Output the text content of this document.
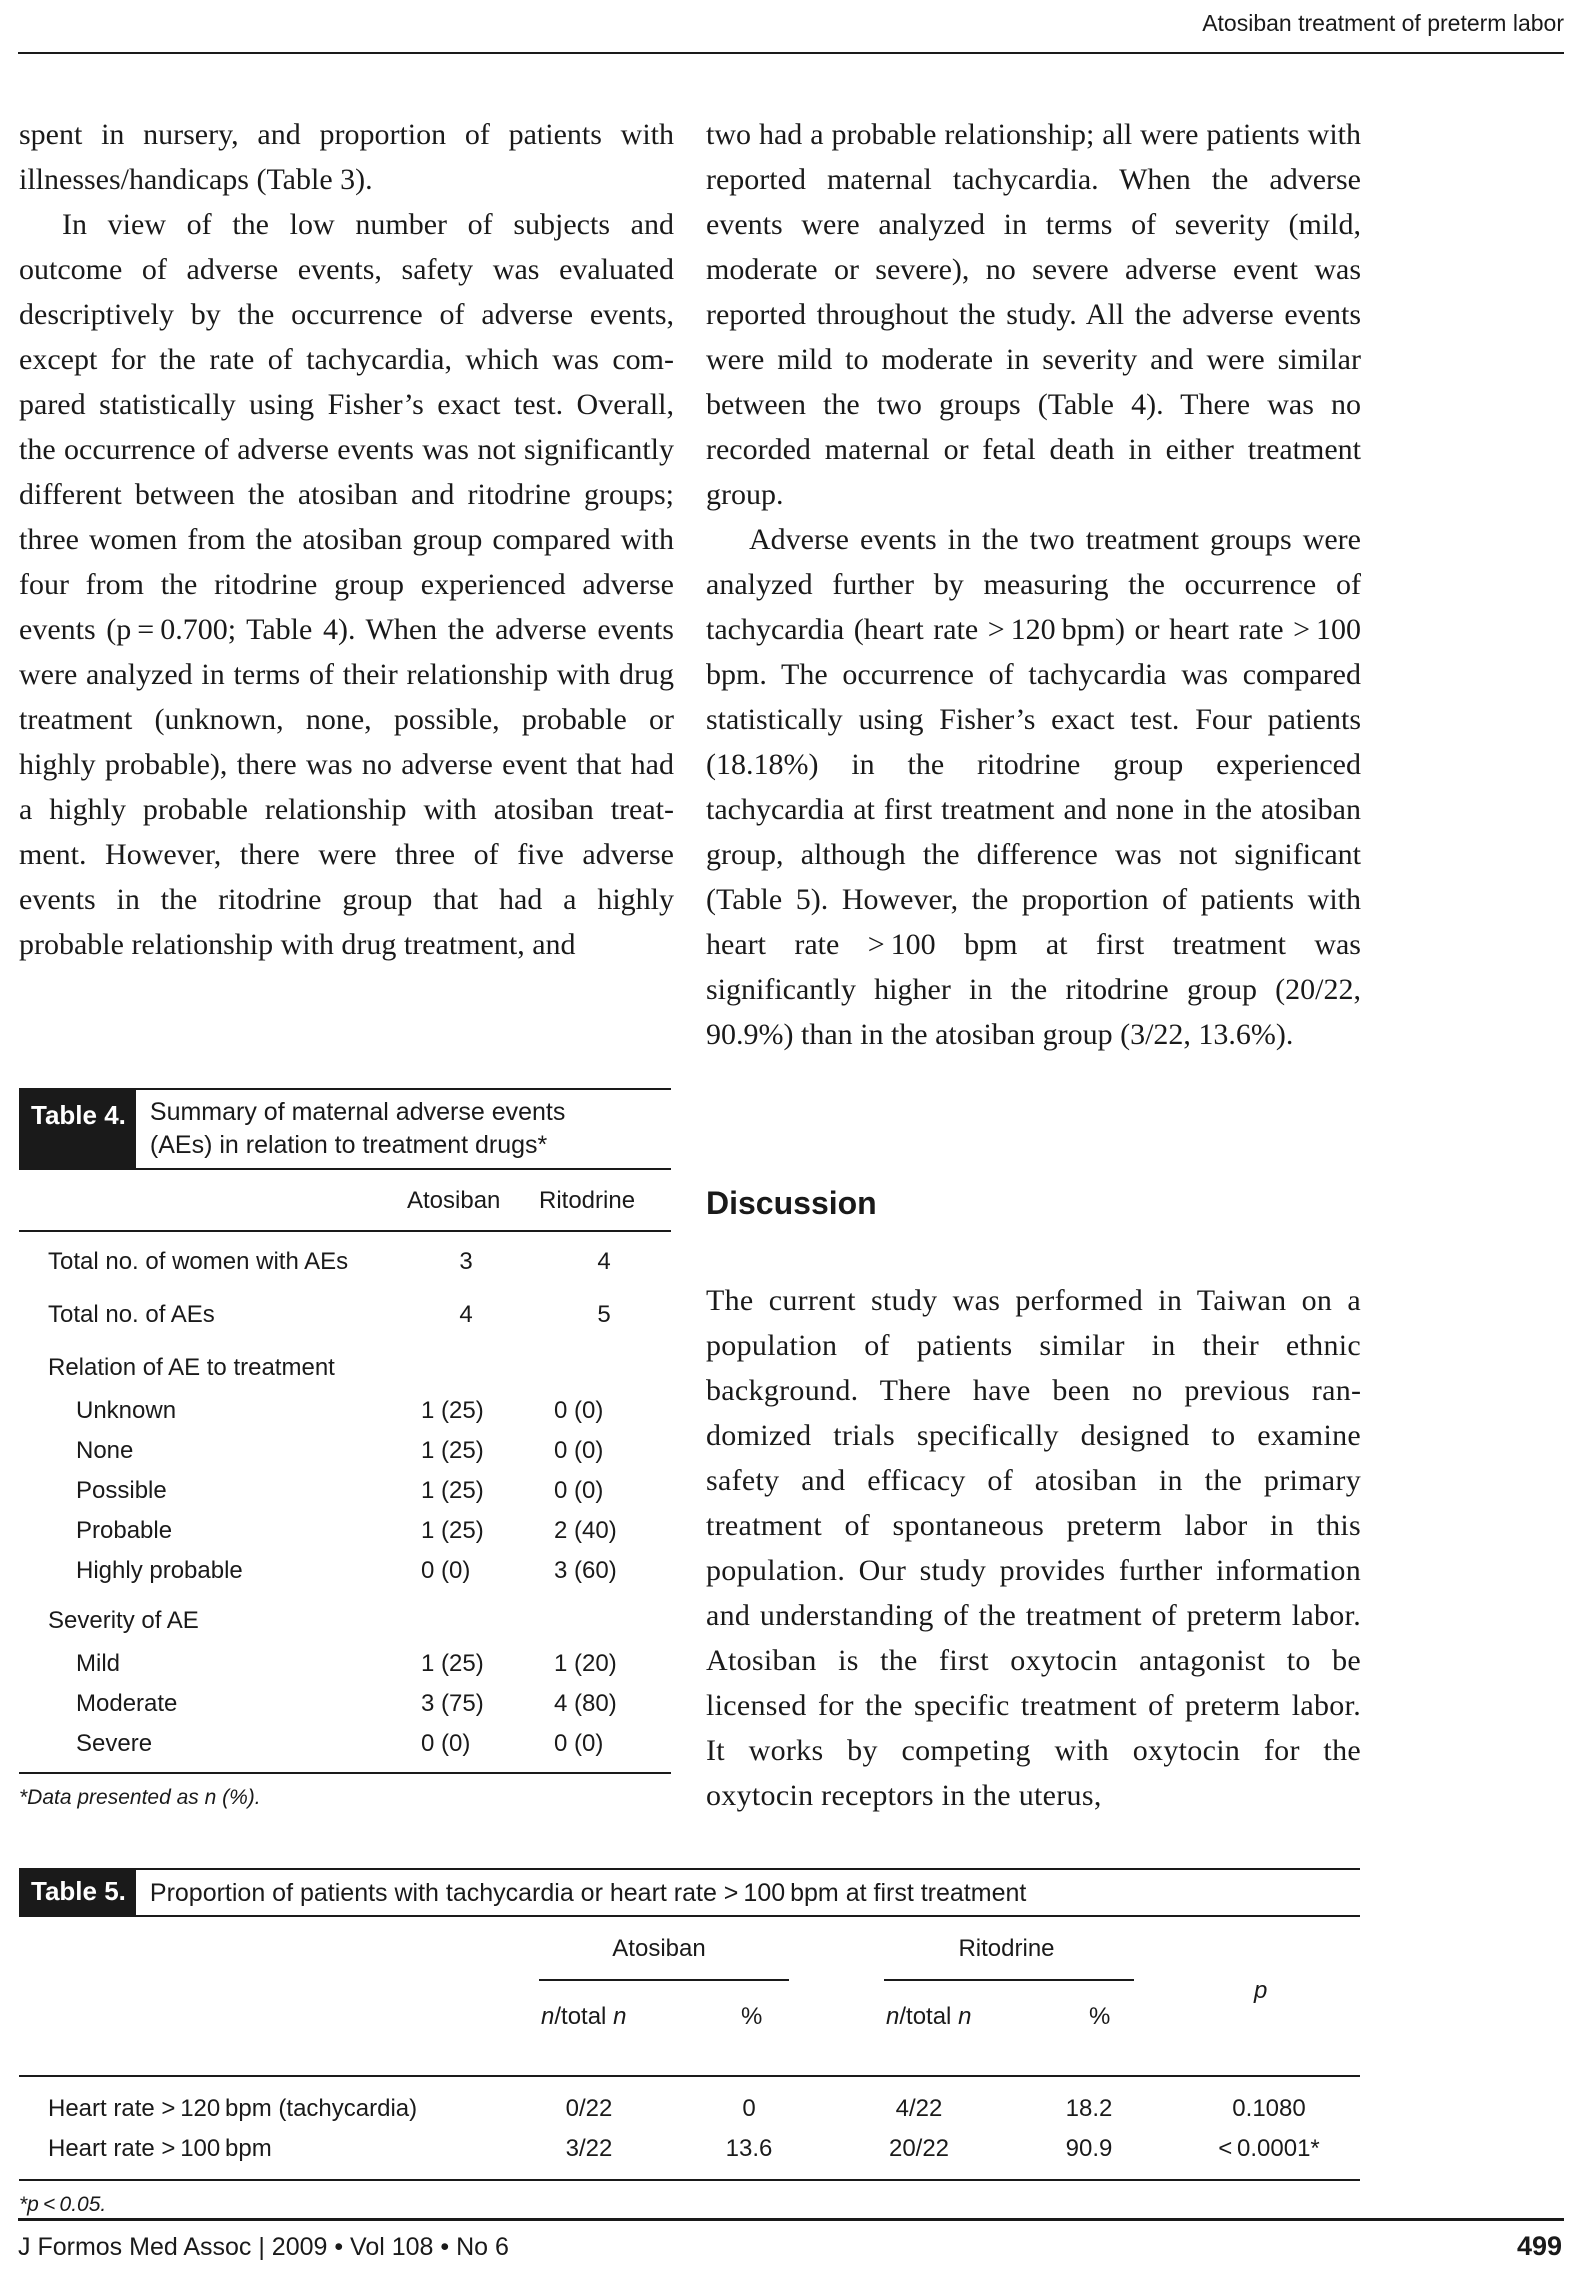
Atosiban treatment of preterm labor

spent in nursery, and proportion of patients with illnesses/handicaps (Table 3).

In view of the low number of subjects and outcome of adverse events, safety was evaluated descriptively by the occurrence of adverse events, except for the rate of tachycardia, which was compared statistically using Fisher’s exact test. Overall, the occurrence of adverse events was not significantly different between the atosiban and ritodrine groups; three women from the atosiban group compared with four from the ritodrine group experienced adverse events (p = 0.700; Table 4). When the adverse events were analyzed in terms of their relationship with drug treatment (unknown, none, possible, probable or highly probable), there was no adverse event that had a highly probable relationship with atosiban treatment. However, there were three of five adverse events in the ritodrine group that had a highly probable relationship with drug treatment, and

two had a probable relationship; all were patients with reported maternal tachycardia. When the adverse events were analyzed in terms of severity (mild, moderate or severe), no severe adverse event was reported throughout the study. All the adverse events were mild to moderate in severity and were similar between the two groups (Table 4). There was no recorded maternal or fetal death in either treatment group.

Adverse events in the two treatment groups were analyzed further by measuring the occurrence of tachycardia (heart rate > 120 bpm) or heart rate > 100 bpm. The occurrence of tachycardia was compared statistically using Fisher’s exact test. Four patients (18.18%) in the ritodrine group experienced tachycardia at first treatment and none in the atosiban group, although the difference was not significant (Table 5). However, the proportion of patients with heart rate > 100 bpm at first treatment was significantly higher in the ritodrine group (20/22, 90.9%) than in the atosiban group (3/22, 13.6%).

Discussion
The current study was performed in Taiwan on a population of patients similar in their ethnic background. There have been no previous randomized trials specifically designed to examine safety and efficacy of atosiban in the primary treatment of spontaneous preterm labor in this population. Our study provides further information and understanding of the treatment of preterm labor. Atosiban is the first oxytocin antagonist to be licensed for the specific treatment of preterm labor. It works by competing with oxytocin for the oxytocin receptors in the uterus,
Table 4. Summary of maternal adverse events
(AEs) in relation to treatment drugs*
Atosiban Ritodrine
Total no. of women with AEs	3	4
Total no. of AEs	4	5
Relation of AE to treatment
Unknown	1 (25)	0 (0)
None	1 (25)	0 (0)
Possible	1 (25)	0 (0)
Probable	1 (25)	2 (40)
Highly probable	0 (0)	3 (60)
Severity of AE
Mild	1 (25)	1 (20)
Moderate	3 (75)	4 (80)
Severe	0 (0)	0 (0)
*Data presented as n (%).
Table 5. Proportion of patients with tachycardia or heart rate > 100 bpm at first treatment
Atosiban	Ritodrine
n/total n	%	n/total n	%
p
Heart rate > 120 bpm (tachycardia)	0/22	0	4/22	18.2	0.1080
Heart rate > 100 bpm	3/22	13.6	20/22	90.9	< 0.0001*
*p < 0.05.
J Formos Med Assoc | 2009 • Vol 108 • No 6	499
